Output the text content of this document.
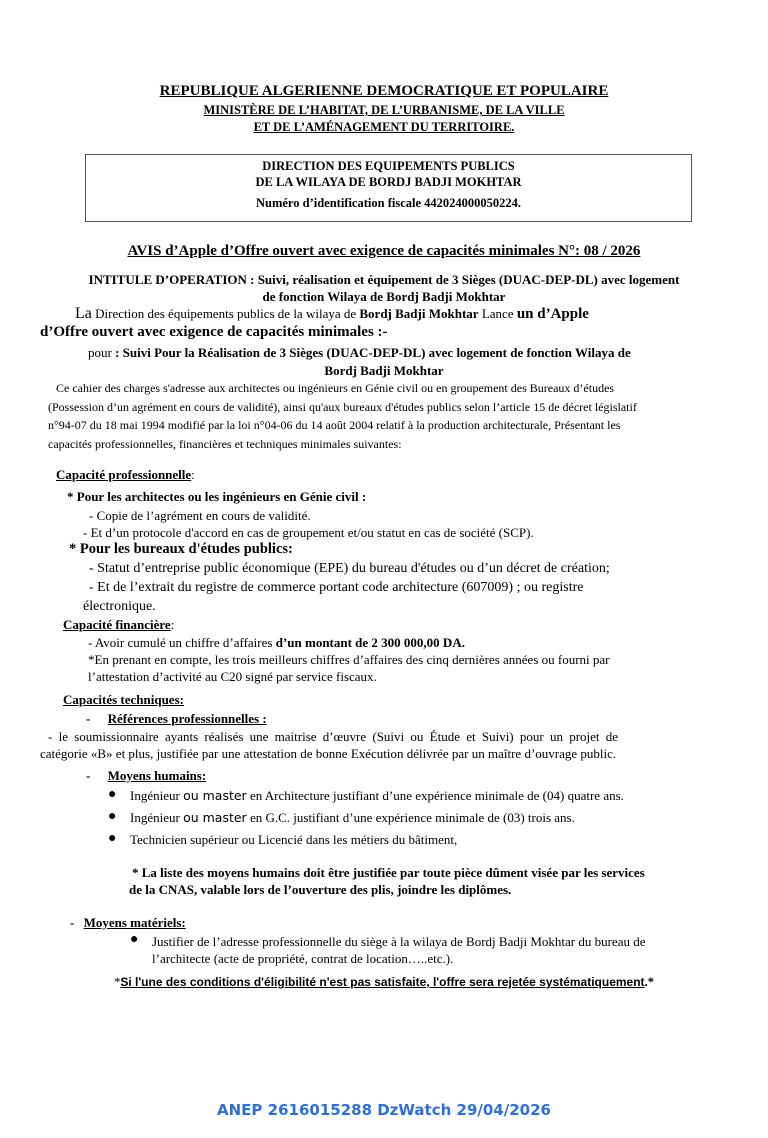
REPUBLIQUE ALGERIENNE DEMOCRATIQUE ET POPULAIRE
MINISTÈRE DE L’HABITAT, DE L’URBANISME, DE LA VILLE
ET DE L’AMÉNAGEMENT DU TERRITOIRE.
DIRECTION DES EQUIPEMENTS PUBLICS
DE LA WILAYA DE BORDJ BADJI MOKHTAR
Numéro d’identification fiscale 442024000050224.
AVIS d’Apple d’Offre ouvert avec exigence de capacités minimales N°: 08 / 2026
INTITULE D’OPERATION : Suivi, réalisation et équipement de 3 Sièges (DUAC-DEP-DL) avec logement
de fonction Wilaya de Bordj Badji Mokhtar
La Direction des équipements publics de la wilaya de Bordj Badji Mokhtar Lance un d’Apple
d’Offre ouvert avec exigence de capacités minimales :-
pour : Suivi Pour la Réalisation de 3 Sièges (DUAC-DEP-DL) avec logement de fonction Wilaya de
Bordj Badji Mokhtar
Ce cahier des charges s'adresse aux architectes ou ingénieurs en Génie civil ou en groupement des Bureaux d’études
(Possession d’un agrément en cours de validité), ainsi qu'aux bureaux d'études publics selon l’article 15 de décret législatif
n°94-07 du 18 mai 1994 modifié par la loi n°04-06 du 14 août 2004 relatif à la production architecturale, Présentant les
capacités professionnelles, financières et techniques minimales suivantes:
Capacité professionnelle:
* Pour les architectes ou les ingénieurs en Génie civil :
- Copie de l’agrément en cours de validité.
- Et d’un protocole d'accord en cas de groupement et/ou statut en cas de société (SCP).
* Pour les bureaux d'études publics:
- Statut d’entreprise public économique (EPE) du bureau d'études ou d’un décret de création;
- Et de l’extrait du registre de commerce portant code architecture (607009) ; ou registre
électronique.
Capacité financière:
- Avoir cumulé un chiffre d’affaires d’un montant de 2 300 000,00 DA.
*En prenant en compte, les trois meilleurs chiffres d’affaires des cinq dernières années ou fourni par
l’attestation d’activité au C20 signé par service fiscaux.
Capacités techniques:
- Références professionnelles :
- le soumissionnaire ayants réalisés une maitrise d’œuvre (Suivi ou Étude et Suivi) pour un projet de
catégorie «B» et plus, justifiée par une attestation de bonne Exécution délivrée par un maître d’ouvrage public.
- Moyens humains:
● Ingénieur ou master en Architecture justifiant d’une expérience minimale de (04) quatre ans.
● Ingénieur ou master en G.C. justifiant d’une expérience minimale de (03) trois ans.
● Technicien supérieur ou Licencié dans les métiers du bâtiment,
* La liste des moyens humains doit être justifiée par toute pièce dûment visée par les services
de la CNAS, valable lors de l’ouverture des plis, joindre les diplômes.
- Moyens matériels:
● Justifier de l’adresse professionnelle du siège à la wilaya de Bordj Badji Mokhtar du bureau de
l’architecte (acte de propriété, contrat de location…..etc.).
*Si l'une des conditions d'éligibilité n'est pas satisfaite, l'offre sera rejetée systématiquement.*
ANEP 2616015288 DzWatch 29/04/2026
